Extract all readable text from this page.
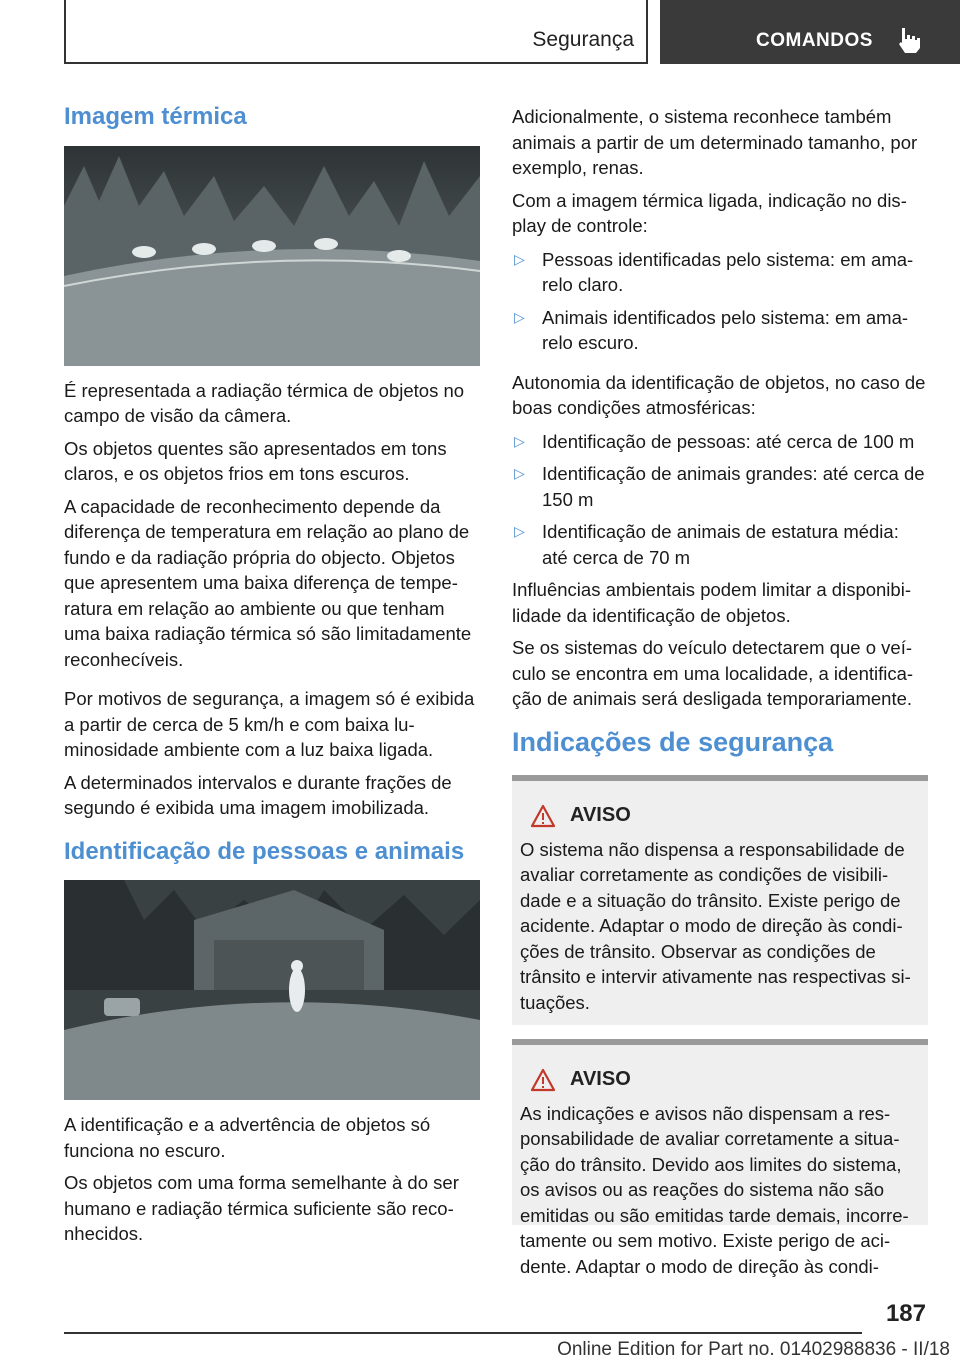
Segurança	COMANDOS
Imagem térmica

É representada a radiação térmica de objetos no campo de visão da câmera.

Os objetos quentes são apresentados em tons claros, e os objetos frios em tons escuros.

A capacidade de reconhecimento depende da diferença de temperatura em relação ao plano de fundo e da radiação própria do objecto. Objetos que apresentem uma baixa diferença de temperatura em relação ao ambiente ou que tenham uma baixa radiação térmica só são limitadamente reconhecíveis.

Por motivos de segurança, a imagem só é exibida a partir de cerca de 5 km/h e com baixa luminosidade ambiente com a luz baixa ligada.

A determinados intervalos e durante frações de segundo é exibida uma imagem imobilizada.

Identificação de pessoas e animais

A identificação e a advertência de objetos só funciona no escuro.

Os objetos com uma forma semelhante à do ser humano e radiação térmica suficiente são reconhecidos.

Adicionalmente, o sistema reconhece também animais a partir de um determinado tamanho, por exemplo, renas.

Com a imagem térmica ligada, indicação no display de controle:

▷ Pessoas identificadas pelo sistema: em amarelo claro.
▷ Animais identificados pelo sistema: em amarelo escuro.

Autonomia da identificação de objetos, no caso de boas condições atmosféricas:

▷ Identificação de pessoas: até cerca de 100 m
▷ Identificação de animais grandes: até cerca de 150 m
▷ Identificação de animais de estatura média: até cerca de 70 m

Influências ambientais podem limitar a disponibilidade da identificação de objetos.

Se os sistemas do veículo detectarem que o veículo se encontra em uma localidade, a identificação de animais será desligada temporariamente.

Indicações de segurança
AVISO

O sistema não dispensa a responsabilidade de avaliar corretamente as condições de visibilidade e a situação do trânsito. Existe perigo de acidente. Adaptar o modo de direção às condições de trânsito. Observar as condições de trânsito e intervir ativamente nas respectivas situações.

AVISO

As indicações e avisos não dispensam a responsabilidade de avaliar corretamente a situação do trânsito. Devido aos limites do sistema, os avisos ou as reações do sistema não são emitidas ou são emitidas tarde demais, incorretamente ou sem motivo. Existe perigo de acidente. Adaptar o modo de direção às condi-

187
Online Edition for Part no. 01402988836 - II/18
